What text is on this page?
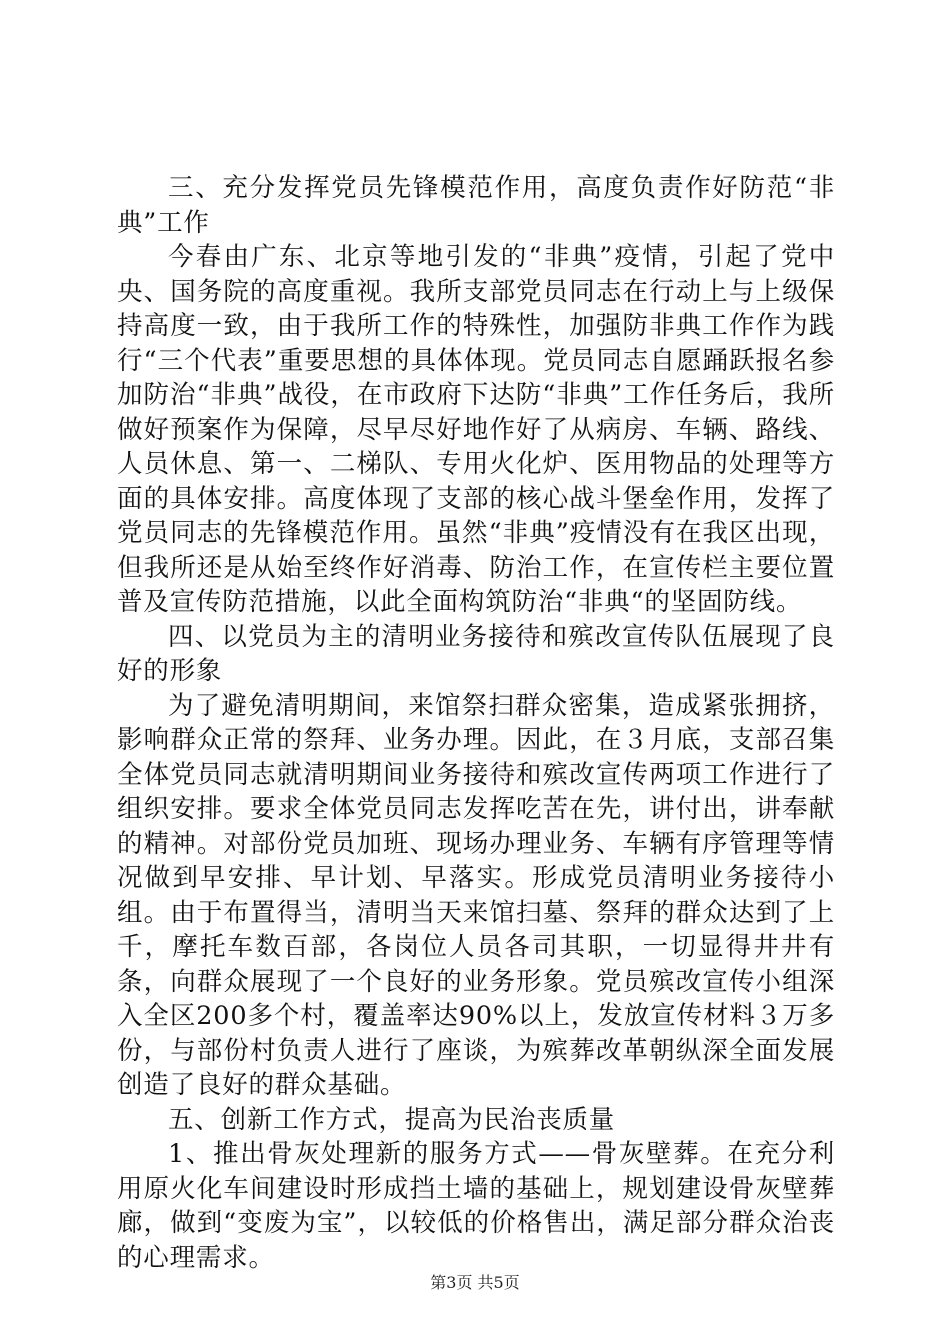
三、充分发挥党员先锋模范作用，高度负责作好防范“非典”工作

今春由广东、北京等地引发的“非典”疫情，引起了党中央、国务院的高度重视。我所支部党员同志在行动上与上级保持高度一致，由于我所工作的特殊性，加强防非典工作作为践行“三个代表”重要思想的具体体现。党员同志自愿踊跃报名参加防治“非典”战役，在市政府下达防“非典”工作任务后，我所做好预案作为保障，尽早尽好地作好了从病房、车辆、路线、人员休息、第一、二梯队、专用火化炉、医用物品的处理等方面的具体安排。高度体现了支部的核心战斗堡垒作用，发挥了党员同志的先锋模范作用。虽然“非典”疫情没有在我区出现，但我所还是从始至终作好消毒、防治工作，在宣传栏主要位置普及宣传防范措施，以此全面构筑防治“非典“的坚固防线。

四、以党员为主的清明业务接待和殡改宣传队伍展现了良好的形象

为了避免清明期间，来馆祭扫群众密集，造成紧张拥挤，影响群众正常的祭拜、业务办理。因此，在３月底，支部召集全体党员同志就清明期间业务接待和殡改宣传两项工作进行了组织安排。要求全体党员同志发挥吃苦在先，讲付出，讲奉献的精神。对部份党员加班、现场办理业务、车辆有序管理等情况做到早安排、早计划、早落实。形成党员清明业务接待小组。由于布置得当，清明当天来馆扫墓、祭拜的群众达到了上千，摩托车数百部，各岗位人员各司其职，一切显得井井有条，向群众展现了一个良好的业务形象。党员殡改宣传小组深入全区200多个村，覆盖率达90%以上，发放宣传材料３万多份，与部份村负责人进行了座谈，为殡葬改革朝纵深全面发展创造了良好的群众基础。

五、创新工作方式，提高为民治丧质量

1、推出骨灰处理新的服务方式——骨灰壁葬。在充分利用原火化车间建设时形成挡土墙的基础上，规划建设骨灰壁葬廊，做到“变废为宝”，以较低的价格售出，满足部分群众治丧的心理需求。

第3页 共5页
